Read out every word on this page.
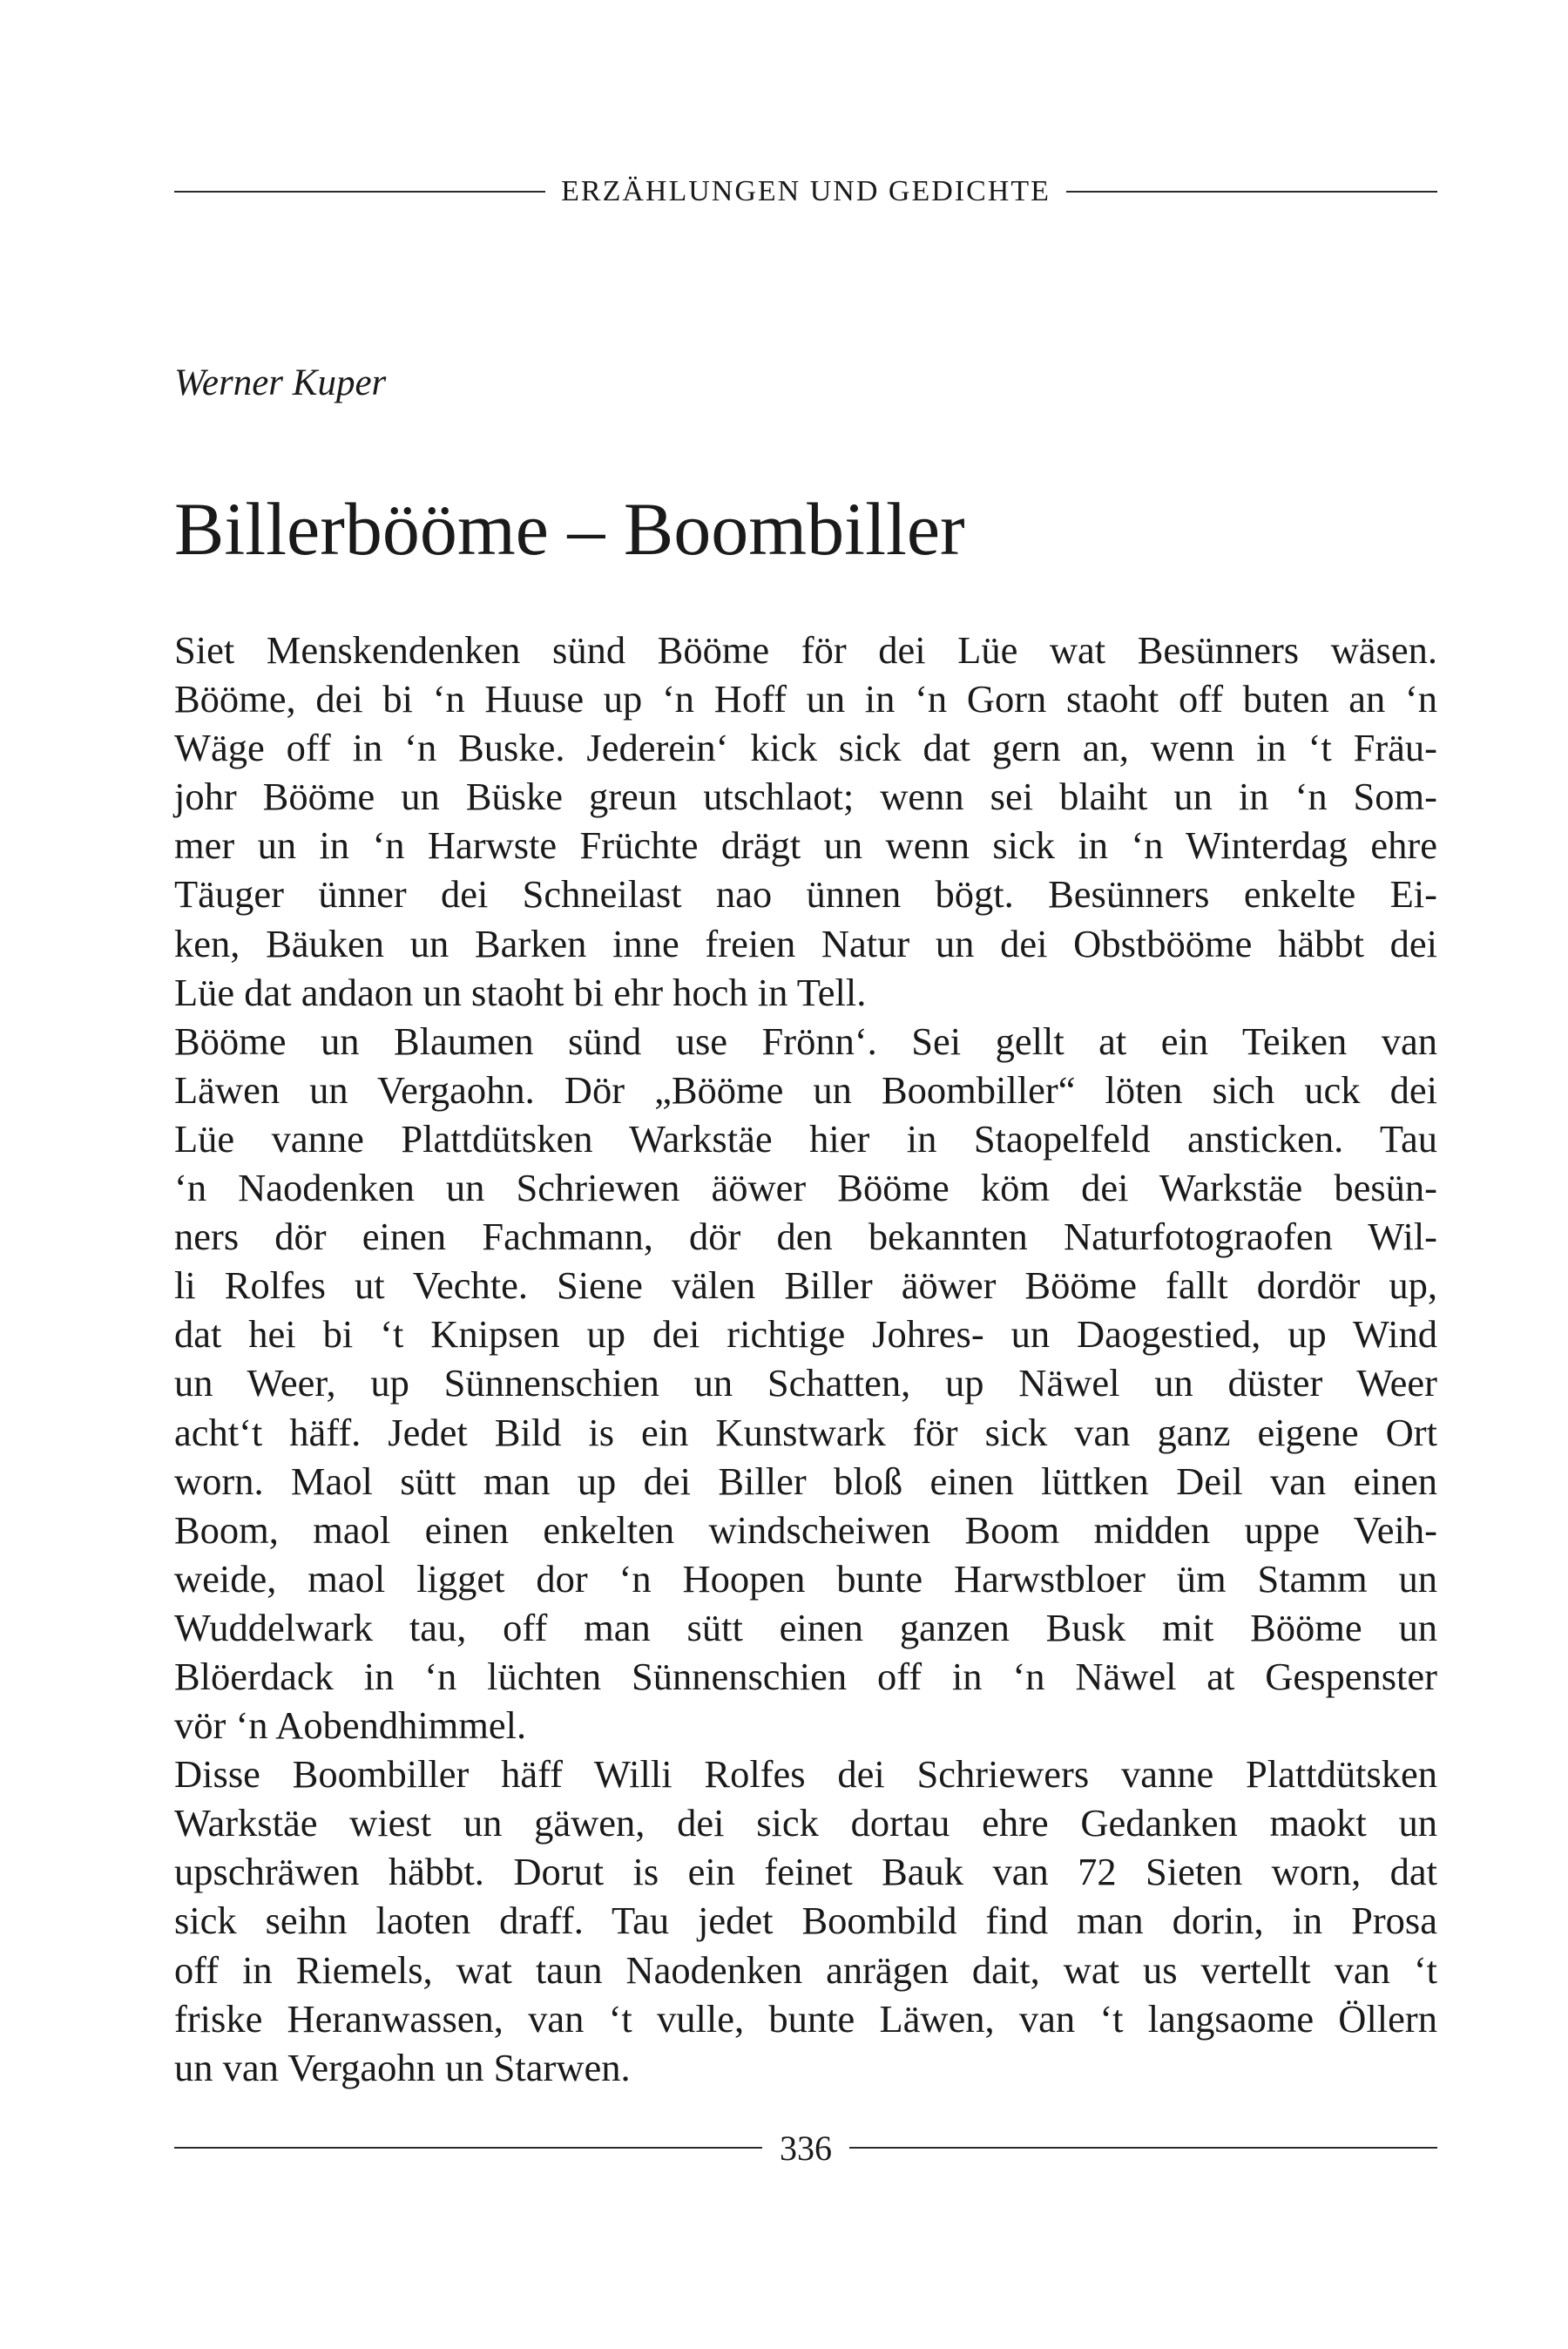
ERZÄHLUNGEN UND GEDICHTE
Werner Kuper
Billerbööme – Boombiller
Siet Menskendenken sünd Bööme för dei Lüe wat Besünners wäsen.
Bööme, dei bi ‘n Huuse up ‘n Hoff un in ‘n Gorn staoht off buten an ‘n
Wäge off in ‘n Buske. Jederein‘ kick sick dat gern an, wenn in ‘t Fräu-
johr Bööme un Büske greun utschlaot; wenn sei blaiht un in ‘n Som-
mer un in ‘n Harwste Früchte drägt un wenn sick in ‘n Winterdag ehre
Täuger ünner dei Schneilast nao ünnen bögt. Besünners enkelte Ei-
ken, Bäuken un Barken inne freien Natur un dei Obstbööme häbbt dei
Lüe dat andaon un staoht bi ehr hoch in Tell.
Bööme un Blaumen sünd use Frönn‘. Sei gellt at ein Teiken van
Läwen un Vergaohn. Dör „Bööme un Boombiller“ löten sich uck dei
Lüe vanne Plattdütsken Warkstäe hier in Staopelfeld ansticken. Tau
‘n Naodenken un Schriewen äöwer Bööme köm dei Warkstäe besün-
ners dör einen Fachmann, dör den bekannten Naturfotograofen Wil-
li Rolfes ut Vechte. Siene välen Biller äöwer Bööme fallt dordör up,
dat hei bi ‘t Knipsen up dei richtige Johres- un Daogestied, up Wind
un Weer, up Sünnenschien un Schatten, up Näwel un düster Weer
acht‘t häff. Jedet Bild is ein Kunstwark för sick van ganz eigene Ort
worn. Maol sütt man up dei Biller bloß einen lüttken Deil van einen
Boom, maol einen enkelten windscheiwen Boom midden uppe Veih-
weide, maol ligget dor ‘n Hoopen bunte Harwstbloer üm Stamm un
Wuddelwark tau, off man sütt einen ganzen Busk mit Bööme un
Blöerdack in ‘n lüchten Sünnenschien off in ‘n Näwel at Gespenster
vör ‘n Aobendhimmel.
Disse Boombiller häff Willi Rolfes dei Schriewers vanne Plattdütsken
Warkstäe wiest un gäwen, dei sick dortau ehre Gedanken maokt un
upschräwen häbbt. Dorut is ein feinet Bauk van 72 Sieten worn, dat
sick seihn laoten draff. Tau jedet Boombild find man dorin, in Prosa
off in Riemels, wat taun Naodenken anrägen dait, wat us vertellt van ‘t
friske Heranwassen, van ‘t vulle, bunte Läwen, van ‘t langsaome Öllern
un van Vergaohn un Starwen.
336
